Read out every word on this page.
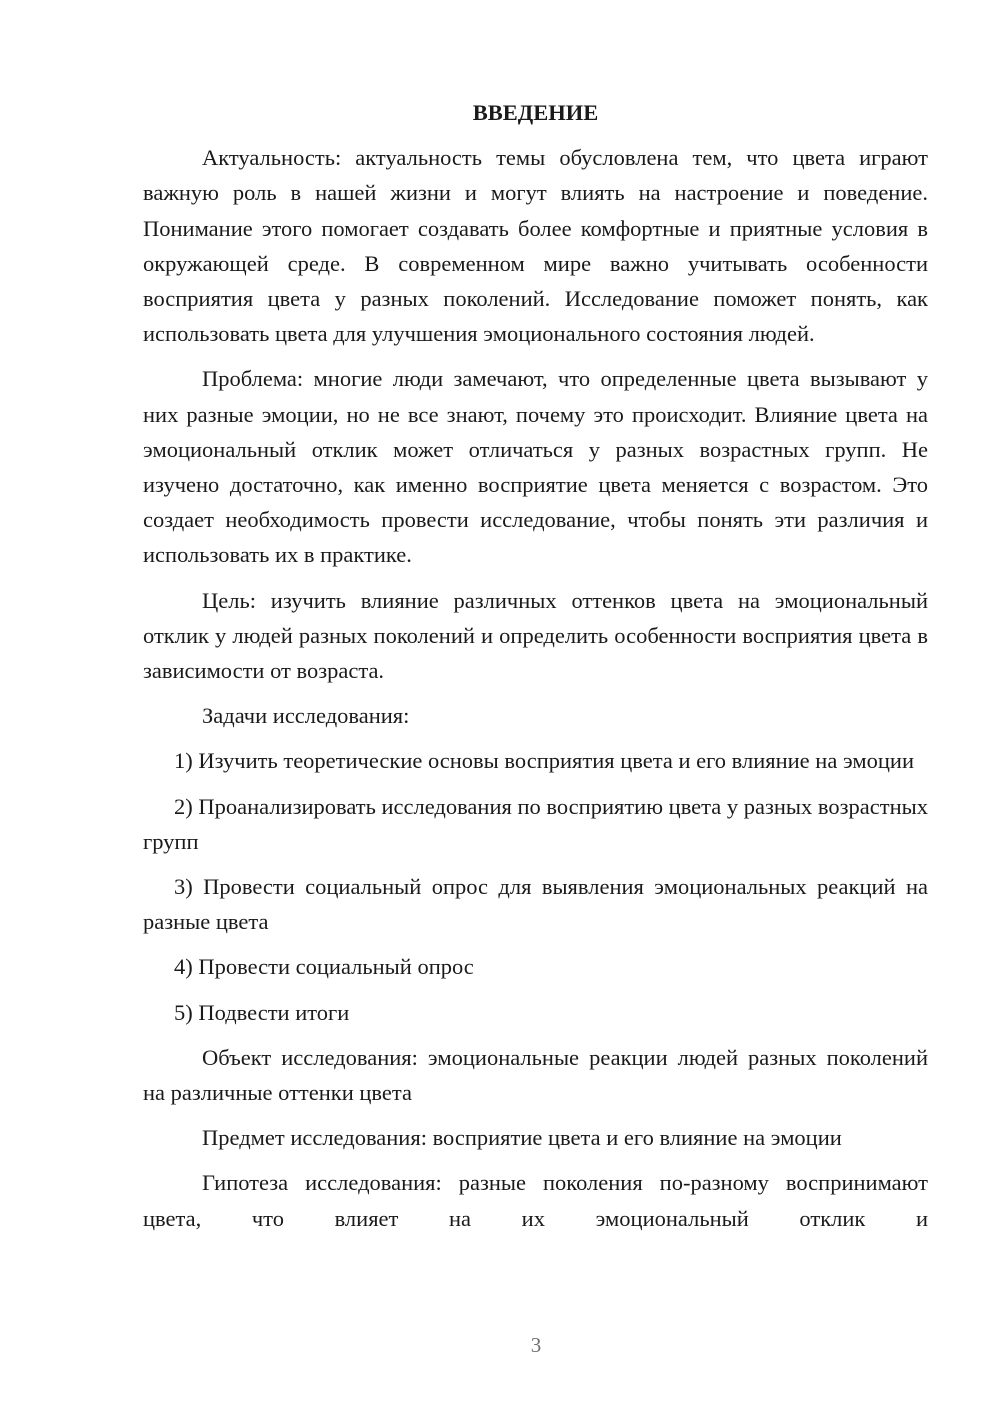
ВВЕДЕНИЕ

Актуальность: актуальность темы обусловлена тем, что цвета играют важную роль в нашей жизни и могут влиять на настроение и поведение. Понимание этого помогает создавать более комфортные и приятные условия в окружающей среде. В современном мире важно учитывать особенности восприятия цвета у разных поколений. Исследование поможет понять, как использовать цвета для улучшения эмоционального состояния людей.

Проблема: многие люди замечают, что определенные цвета вызывают у них разные эмоции, но не все знают, почему это происходит. Влияние цвета на эмоциональный отклик может отличаться у разных возрастных групп. Не изучено достаточно, как именно восприятие цвета меняется с возрастом. Это создает необходимость провести исследование, чтобы понять эти различия и использовать их в практике.

Цель: изучить влияние различных оттенков цвета на эмоциональный отклик у людей разных поколений и определить особенности восприятия цвета в зависимости от возраста.

Задачи исследования:

1) Изучить теоретические основы восприятия цвета и его влияние на эмоции

2) Проанализировать исследования по восприятию цвета у разных возрастных групп

3) Провести социальный опрос для выявления эмоциональных реакций на разные цвета

4) Провести социальный опрос

5) Подвести итоги

Объект исследования: эмоциональные реакции людей разных поколений на различные оттенки цвета

Предмет исследования: восприятие цвета и его влияние на эмоции

Гипотеза исследования: разные поколения по-разному воспринимают цвета, что влияет на их эмоциональный отклик и

3
